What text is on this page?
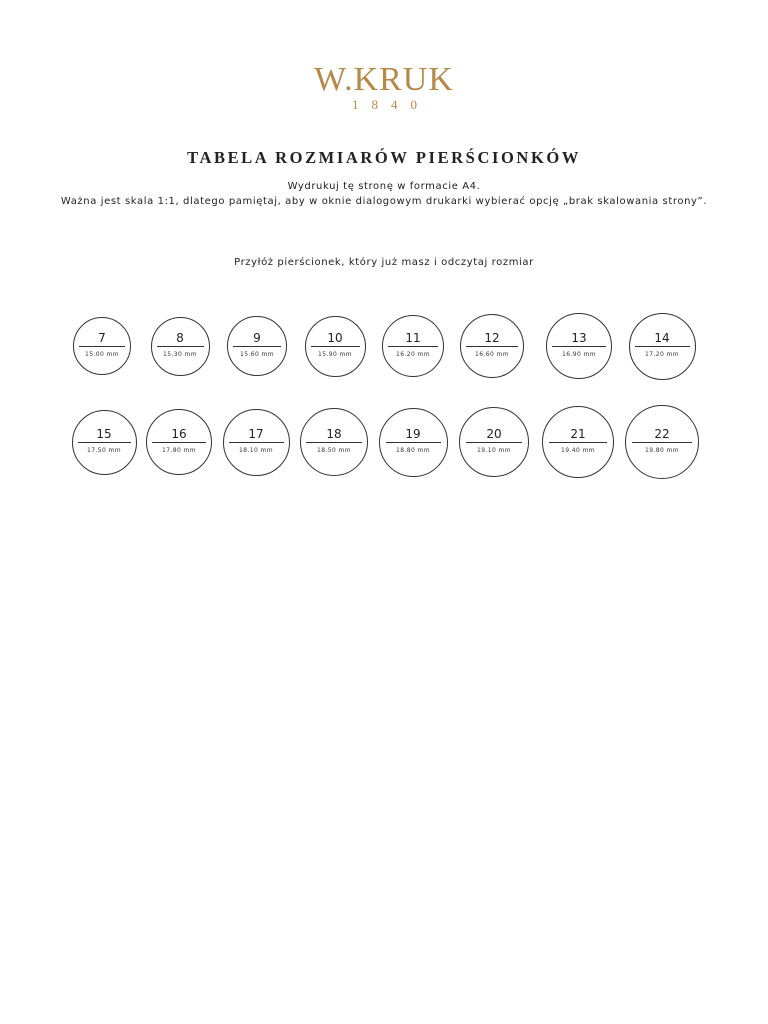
W.KRUK
1840
TABELA ROZMIARÓW PIERŚCIONKÓW
Wydrukuj tę stronę w formacie A4.
Ważna jest skala 1:1, dlatego pamiętaj, aby w oknie dialogowym drukarki wybierać opcję „brak skalowania strony”.
Przyłóż pierścionek, który już masz i odczytaj rozmiar
7
15.00 mm
8
15.30 mm
9
15.60 mm
10
15.90 mm
11
16.20 mm
12
16.60 mm
13
16.90 mm
14
17.20 mm
15
17.50 mm
16
17.80 mm
17
18.10 mm
18
18.50 mm
19
18.80 mm
20
19.10 mm
21
19.40 mm
22
19.80 mm
